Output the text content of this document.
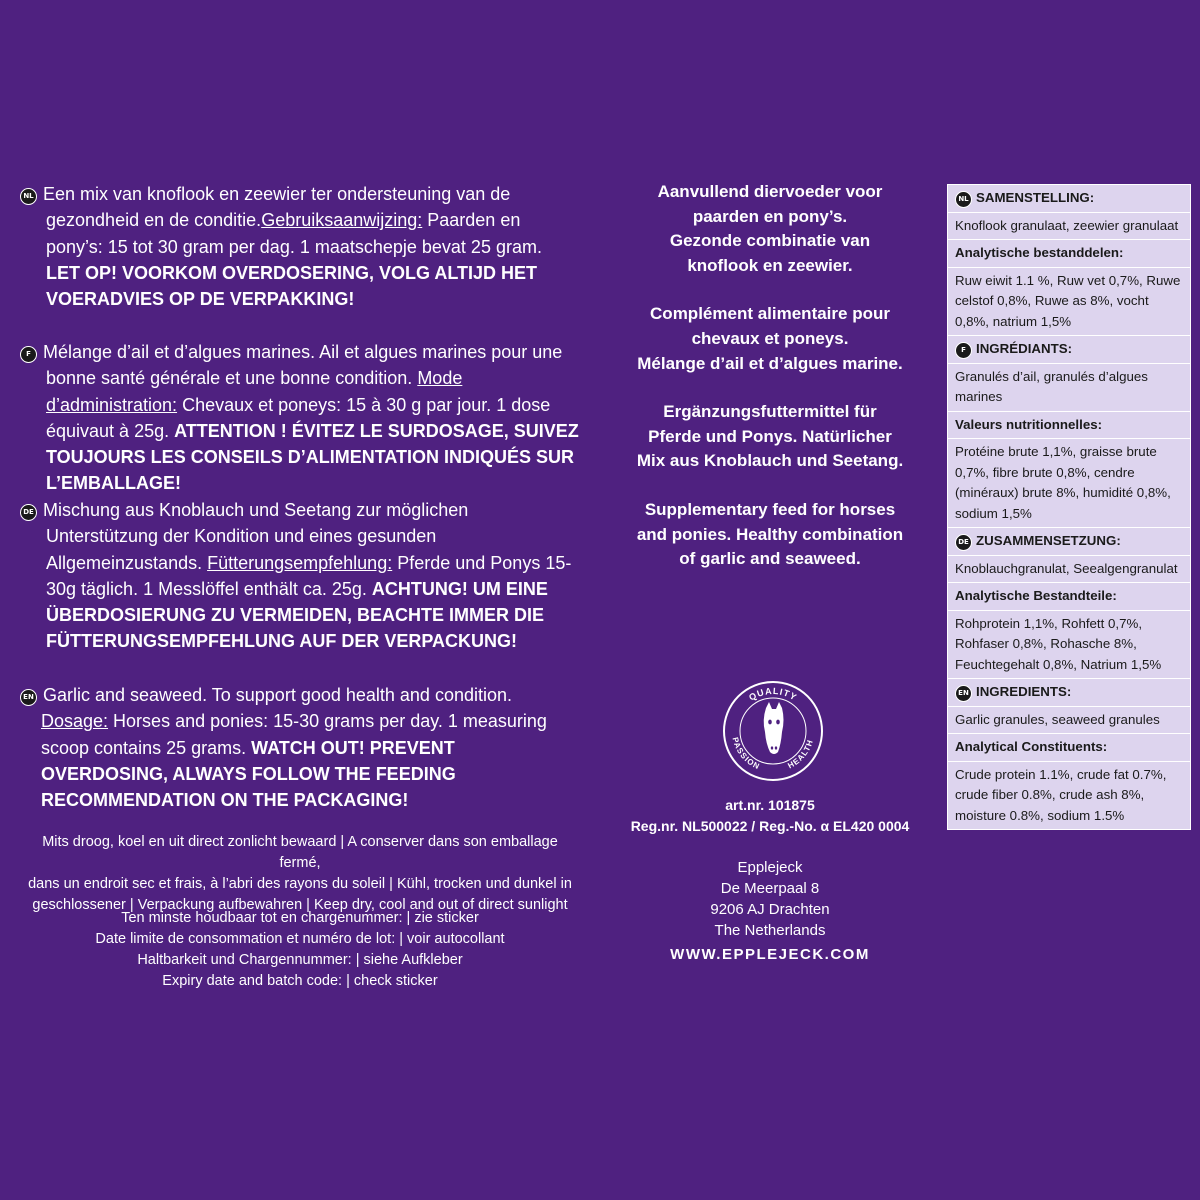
NL Een mix van knoflook en zeewier ter ondersteuning van de gezondheid en de conditie.Gebruiksaanwijzing: Paarden en pony’s: 15 tot 30 gram per dag. 1 maatschepje bevat 25 gram. LET OP! VOORKOM OVERDOSERING, VOLG ALTIJD HET VOERADVIES OP DE VERPAKKING!
F Mélange d’ail et d’algues marines. Ail et algues marines pour une bonne santé générale et une bonne condition. Mode d’administration: Chevaux et poneys: 15 à 30 g par jour. 1 dose équivaut à 25g. ATTENTION ! ÉVITEZ LE SURDOSAGE, SUIVEZ TOUJOURS LES CONSEILS D’ALIMENTATION INDIQUÉS SUR L’EMBALLAGE!
DE Mischung aus Knoblauch und Seetang zur möglichen Unterstützung der Kondition und eines gesunden Allgemeinzustands. Fütterungsempfehlung: Pferde und Ponys 15-30g täglich. 1 Messlöffel enthält ca. 25g. ACHTUNG! UM EINE ÜBERDOSIERUNG ZU VERMEIDEN, BEACHTE IMMER DIE FÜTTERUNGSEMPFEHLUNG AUF DER VERPACKUNG!
EN Garlic and seaweed. To support good health and condition. Dosage: Horses and ponies: 15-30 grams per day. 1 measuring scoop contains 25 grams. WATCH OUT! PREVENT OVERDOSING, ALWAYS FOLLOW THE FEEDING RECOMMENDATION ON THE PACKAGING!
Mits droog, koel en uit direct zonlicht bewaard | A conserver dans son emballage fermé,
dans un endroit sec et frais, à l’abri des rayons du soleil | Kühl, trocken und dunkel in
geschlossener | Verpackung aufbewahren | Keep dry, cool and out of direct sunlight
Ten minste houdbaar tot en chargenummer: | zie sticker
Date limite de consommation et numéro de lot: | voir autocollant
Haltbarkeit und Chargennummer: | siehe Aufkleber
Expiry date and batch code: | check sticker

Aanvullend diervoeder voor
paarden en pony’s.
Gezonde combinatie van
knoflook en zeewier.

Complément alimentaire pour
chevaux et poneys.
Mélange d’ail et d’algues marine.

Ergänzungsfuttermittel für
Pferde und Ponys. Natürlicher
Mix aus Knoblauch und Seetang.

Supplementary feed for horses
and ponies. Healthy combination
of garlic and seaweed.

QUALITY
PASSION	HEALTH
art.nr. 101875
Reg.nr. NL500022 / Reg.-No. α EL420 0004
Epplejeck
De Meerpaal 8
9206 AJ Drachten
The Netherlands
WWW.EPPLEJECK.COM
NL SAMENSTELLING:
Knoflook granulaat, zeewier granulaat
Analytische bestanddelen:
Ruw eiwit 1.1 %, Ruw vet 0,7%, Ruwe celstof 0,8%, Ruwe as 8%, vocht 0,8%, natrium 1,5%
F INGRÉDIANTS:
Granulés d’ail, granulés d’algues marines
Valeurs nutritionnelles:
Protéine brute 1,1%, graisse brute 0,7%, fibre brute 0,8%, cendre (minéraux) brute 8%, humidité 0,8%, sodium 1,5%
DE ZUSAMMENSETZUNG:
Knoblauchgranulat, Seealgengranulat
Analytische Bestandteile:
Rohprotein 1,1%, Rohfett 0,7%, Rohfaser 0,8%, Rohasche 8%, Feuchtegehalt 0,8%, Natrium 1,5%
EN INGREDIENTS:
Garlic granules, seaweed granules
Analytical Constituents:
Crude protein 1.1%, crude fat 0.7%, crude fiber 0.8%, crude ash 8%, moisture 0.8%, sodium 1.5%
